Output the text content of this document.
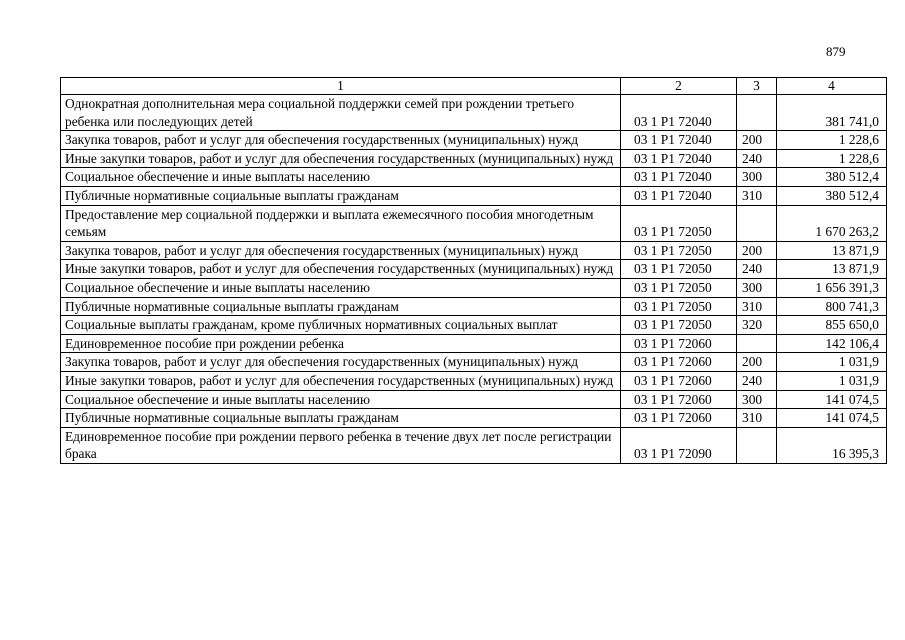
879
1	2	3	4
Однократная дополнительная мера социальной поддержки семей при рождении третьего ребенка или последующих детей	03 1 P1 72040		381 741,0
Закупка товаров, работ и услуг для обеспечения государственных (муниципальных) нужд	03 1 P1 72040	200	1 228,6
Иные закупки товаров, работ и услуг для обеспечения государственных (муниципальных) нужд	03 1 P1 72040	240	1 228,6
Социальное обеспечение и иные выплаты населению	03 1 P1 72040	300	380 512,4
Публичные нормативные социальные выплаты гражданам	03 1 P1 72040	310	380 512,4
Предоставление мер социальной поддержки и выплата ежемесячного пособия многодетным семьям	03 1 P1 72050		1 670 263,2
Закупка товаров, работ и услуг для обеспечения государственных (муниципальных) нужд	03 1 P1 72050	200	13 871,9
Иные закупки товаров, работ и услуг для обеспечения государственных (муниципальных) нужд	03 1 P1 72050	240	13 871,9
Социальное обеспечение и иные выплаты населению	03 1 P1 72050	300	1 656 391,3
Публичные нормативные социальные выплаты гражданам	03 1 P1 72050	310	800 741,3
Социальные выплаты гражданам, кроме публичных нормативных социальных выплат	03 1 P1 72050	320	855 650,0
Единовременное пособие при рождении ребенка	03 1 P1 72060		142 106,4
Закупка товаров, работ и услуг для обеспечения государственных (муниципальных) нужд	03 1 P1 72060	200	1 031,9
Иные закупки товаров, работ и услуг для обеспечения государственных (муниципальных) нужд	03 1 P1 72060	240	1 031,9
Социальное обеспечение и иные выплаты населению	03 1 P1 72060	300	141 074,5
Публичные нормативные социальные выплаты гражданам	03 1 P1 72060	310	141 074,5
Единовременное пособие при рождении первого ребенка в течение двух лет после регистрации брака	03 1 P1 72090		16 395,3
